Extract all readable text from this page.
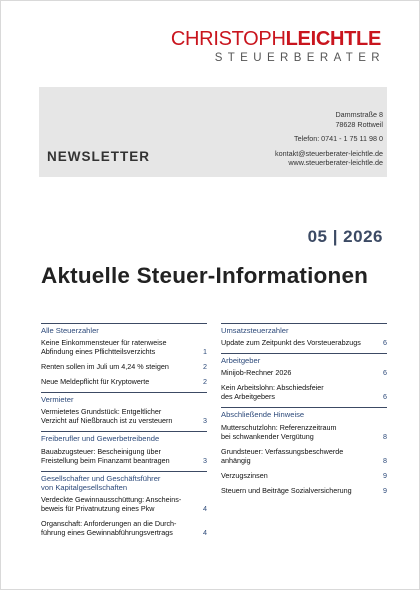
CHRISTOPHLEICHTLE
STEUERBERATER
Dammstraße 8
78628 Rottweil
Telefon: 0741 - 1 75 11 98 0
kontakt@steuerberater-leichtle.de
www.steuerberater-leichtle.de
NEWSLETTER
05 | 2026
Aktuelle Steuer-Informationen
Alle Steuerzahler
Keine Einkommensteuer für ratenweise
Abfindung eines Pflichtteilsverzichts	1
Renten sollen im Juli um 4,24 % steigen	2
Neue Meldepflicht für Kryptowerte	2
Vermieter
Vermietetes Grundstück: Entgeltlicher
Verzicht auf Nießbrauch ist zu versteuern	3
Freiberufler und Gewerbetreibende
Bauabzugsteuer: Bescheinigung über
Freistellung beim Finanzamt beantragen	3
Gesellschafter und Geschäftsführer
von Kapitalgesellschaften
Verdeckte Gewinnausschüttung: Anscheins-
beweis für Privatnutzung eines Pkw	4
Organschaft: Anforderungen an die Durch-
führung eines Gewinnabführungsvertrags	4
Umsatzsteuerzahler
Update zum Zeitpunkt des Vorsteuerabzugs	6
Arbeitgeber
Minijob-Rechner 2026	6
Kein Arbeitslohn: Abschiedsfeier
des Arbeitgebers	6
Abschließende Hinweise
Mutterschutzlohn: Referenzzeitraum
bei schwankender Vergütung	8
Grundsteuer: Verfassungsbeschwerde
anhängig	8
Verzugszinsen	9
Steuern und Beiträge Sozialversicherung	9
